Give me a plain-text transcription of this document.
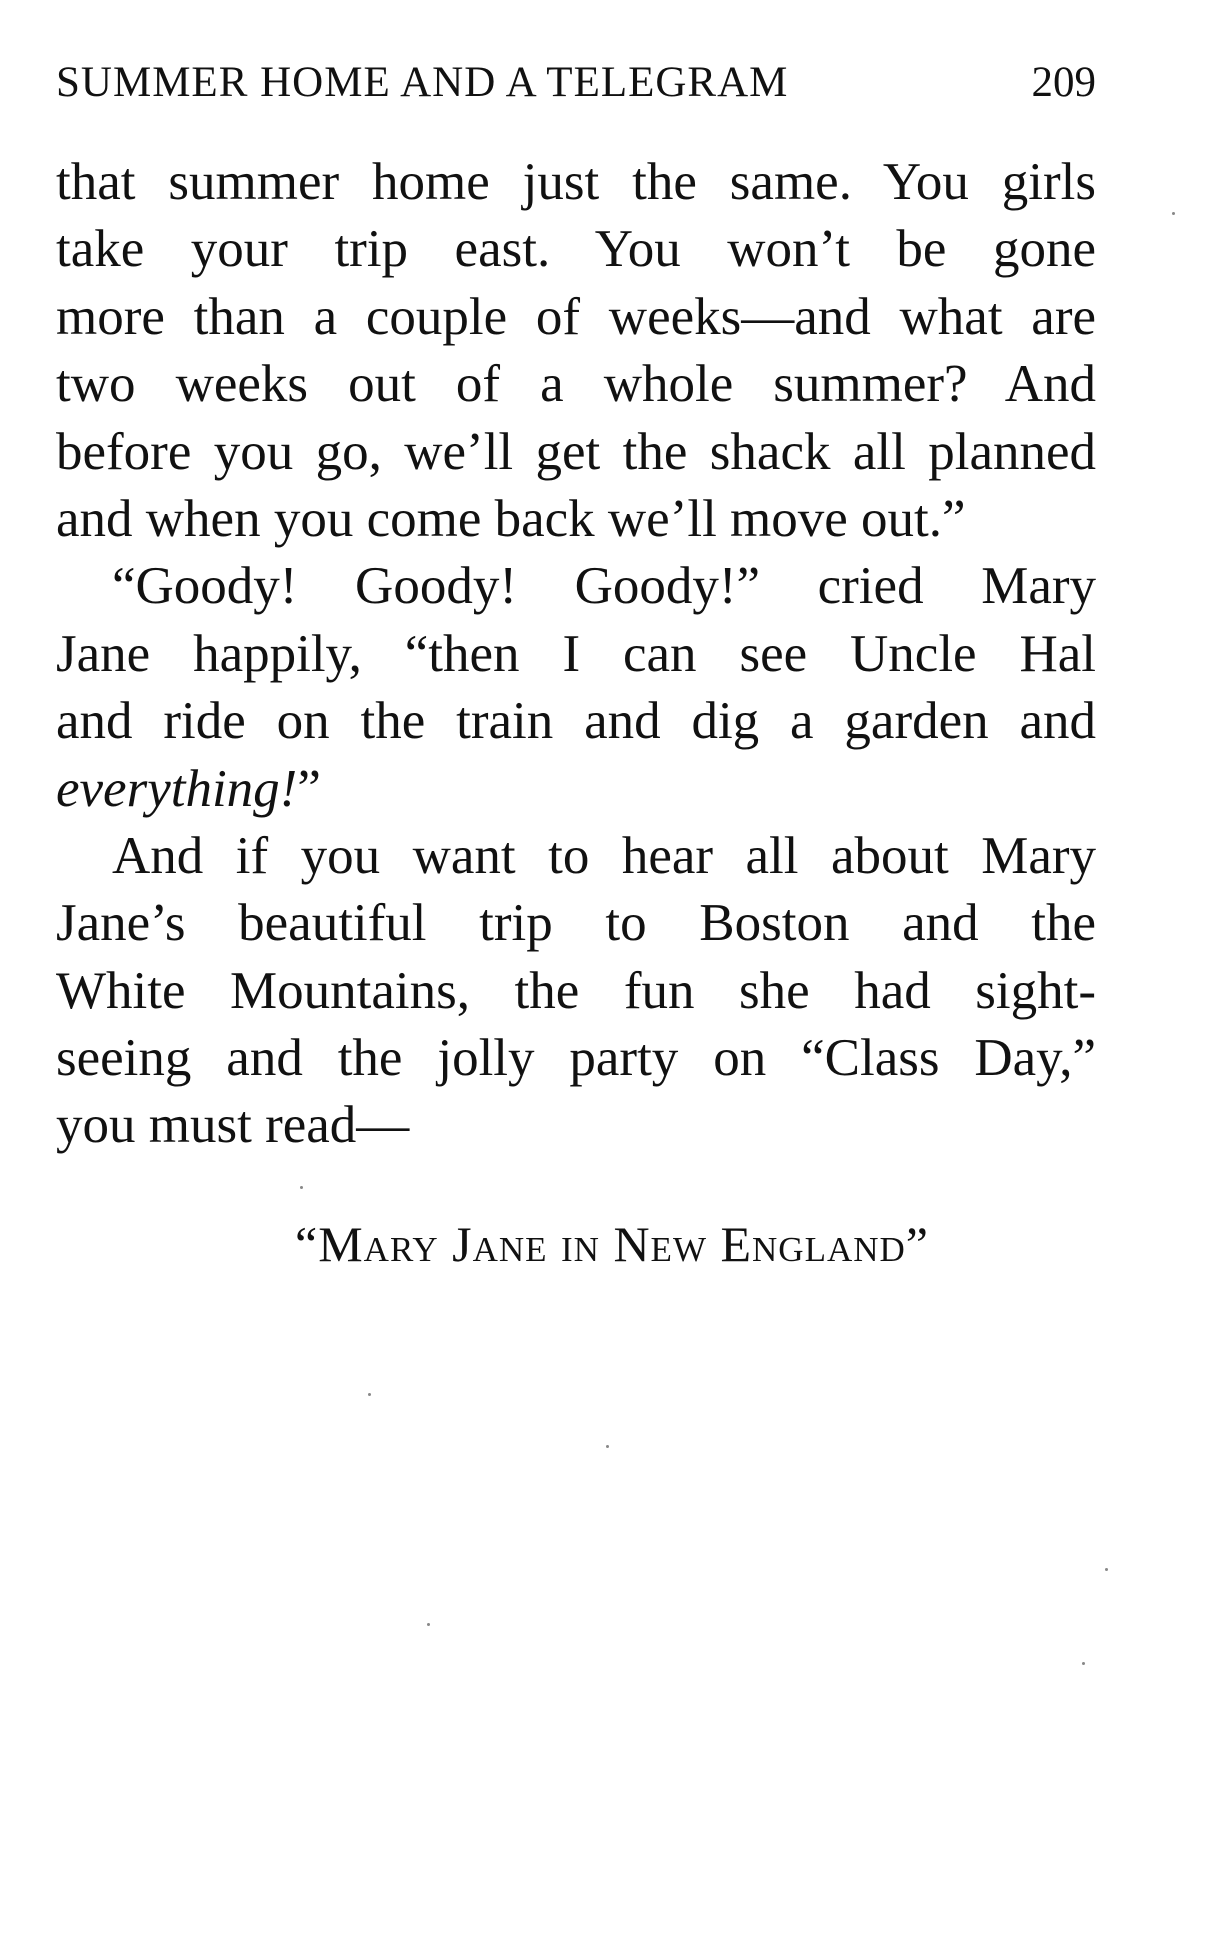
SUMMER HOME AND A TELEGRAM	209
that summer home just the same. You girls
take your trip east. You won’t be gone
more than a couple of weeks—and what are
two weeks out of a whole summer? And
before you go, we’ll get the shack all planned
and when you come back we’ll move out.”
“Goody! Goody! Goody!” cried Mary
Jane happily, “then I can see Uncle Hal
and ride on the train and dig a garden and
everything!”
And if you want to hear all about Mary
Jane’s beautiful trip to Boston and the
White Mountains, the fun she had sight-
seeing and the jolly party on “Class Day,”
you must read—
“Mary Jane in New England”
